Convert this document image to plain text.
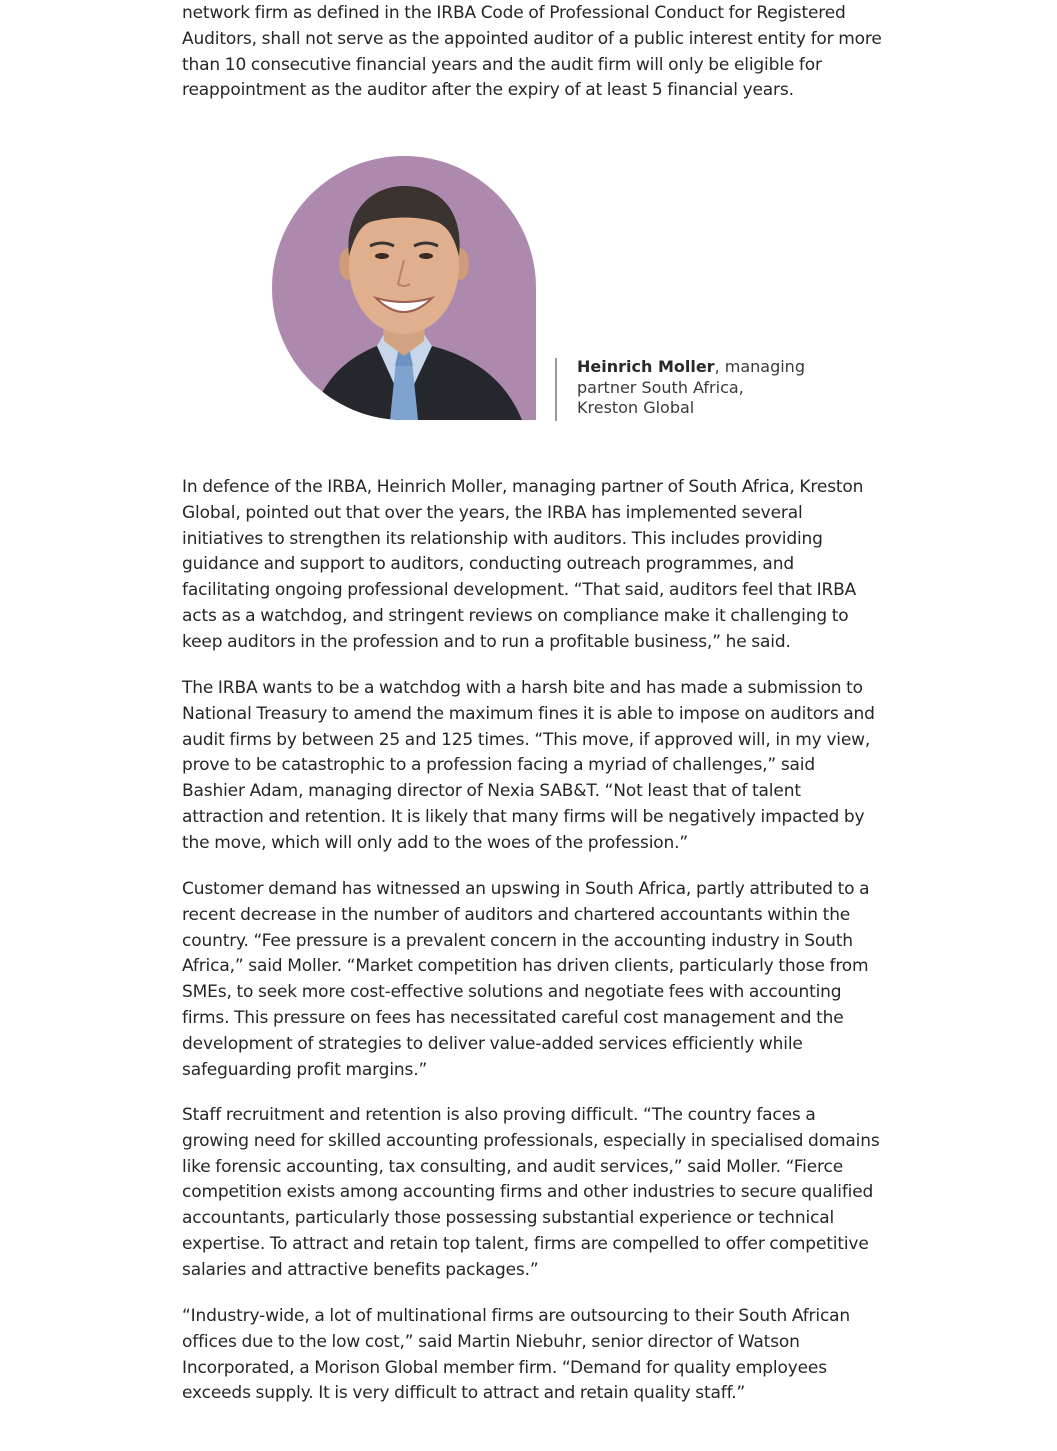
network firm as defined in the IRBA Code of Professional Conduct for Registered Auditors, shall not serve as the appointed auditor of a public interest entity for more than 10 consecutive financial years and the audit firm will only be eligible for reappointment as the auditor after the expiry of at least 5 financial years.

Heinrich Moller, managing partner South Africa, Kreston Global

In defence of the IRBA, Heinrich Moller, managing partner of South Africa, Kreston Global, pointed out that over the years, the IRBA has implemented several initiatives to strengthen its relationship with auditors. This includes providing guidance and support to auditors, conducting outreach programmes, and facilitating ongoing professional development. “That said, auditors feel that IRBA acts as a watchdog, and stringent reviews on compliance make it challenging to keep auditors in the profession and to run a profitable business,” he said.

The IRBA wants to be a watchdog with a harsh bite and has made a submission to National Treasury to amend the maximum fines it is able to impose on auditors and audit firms by between 25 and 125 times. “This move, if approved will, in my view, prove to be catastrophic to a profession facing a myriad of challenges,” said Bashier Adam, managing director of Nexia SAB&T. “Not least that of talent attraction and retention. It is likely that many firms will be negatively impacted by the move, which will only add to the woes of the profession.”

Customer demand has witnessed an upswing in South Africa, partly attributed to a recent decrease in the number of auditors and chartered accountants within the country. “Fee pressure is a prevalent concern in the accounting industry in South Africa,” said Moller. “Market competition has driven clients, particularly those from SMEs, to seek more cost-effective solutions and negotiate fees with accounting firms. This pressure on fees has necessitated careful cost management and the development of strategies to deliver value-added services efficiently while safeguarding profit margins.”

Staff recruitment and retention is also proving difficult. “The country faces a growing need for skilled accounting professionals, especially in specialised domains like forensic accounting, tax consulting, and audit services,” said Moller. “Fierce competition exists among accounting firms and other industries to secure qualified accountants, particularly those possessing substantial experience or technical expertise. To attract and retain top talent, firms are compelled to offer competitive salaries and attractive benefits packages.”

“Industry-wide, a lot of multinational firms are outsourcing to their South African offices due to the low cost,” said Martin Niebuhr, senior director of Watson Incorporated, a Morison Global member firm. “Demand for quality employees exceeds supply. It is very difficult to attract and retain quality staff.”
